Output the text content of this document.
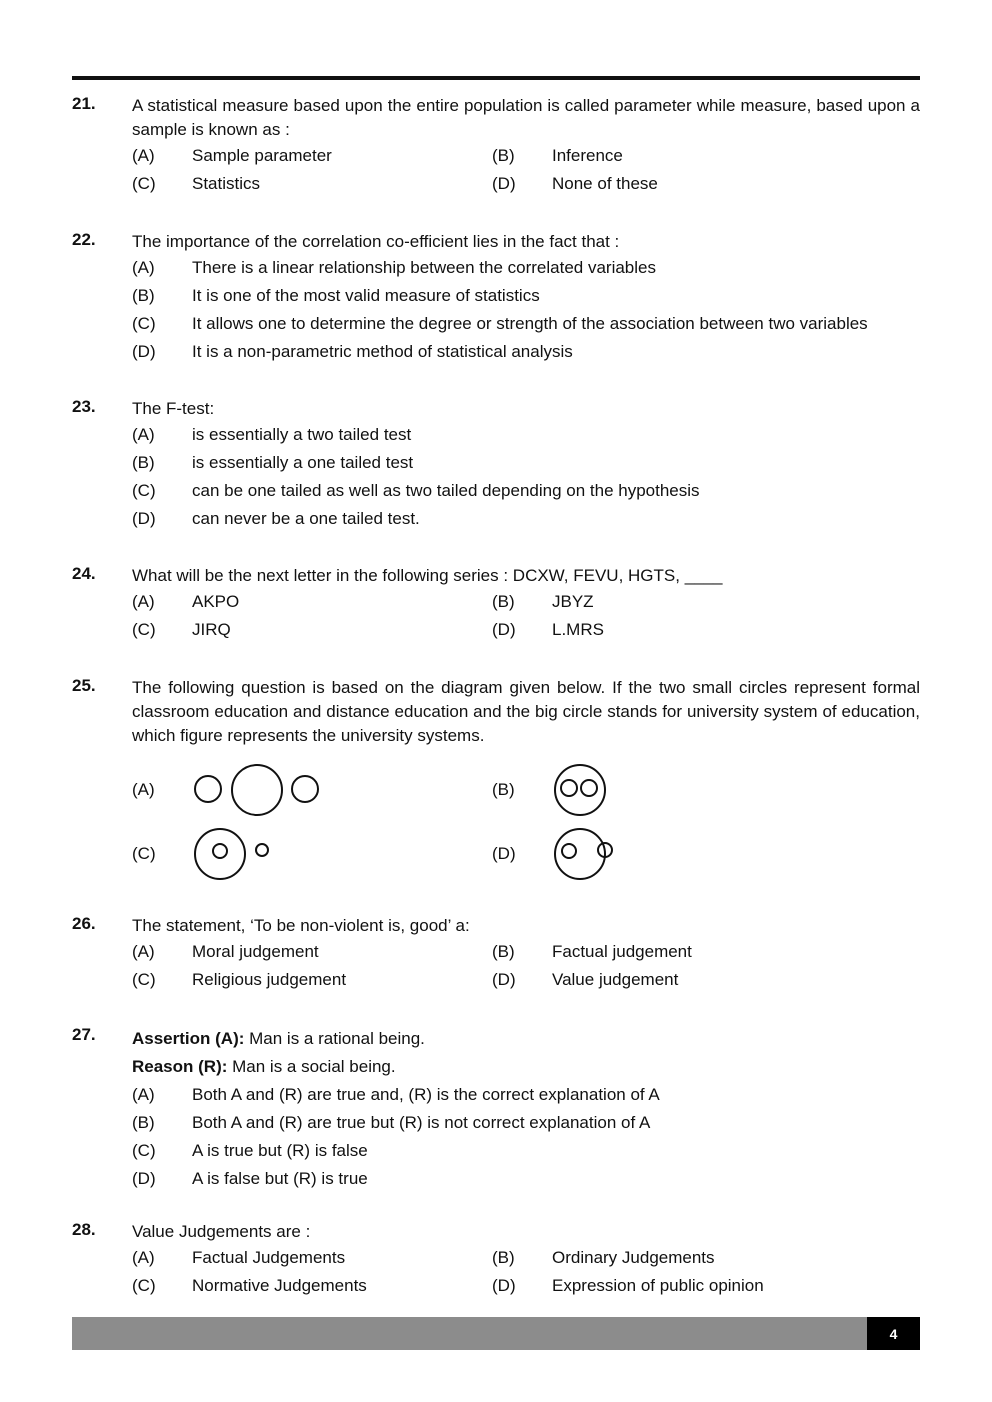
21. A statistical measure based upon the entire population is called parameter while measure, based upon a sample is known as :
(A)	Sample parameter	(B)	Inference
(C)	Statistics	(D)	None of these
22. The importance of the correlation co-efficient lies in the fact that :
(A)	There is a linear relationship between the correlated variables
(B)	It is one of the most valid measure of statistics
(C)	It allows one to determine the degree or strength of the association between two variables
(D)	It is a non-parametric method of statistical analysis
23. The F-test:
(A)	is essentially a two tailed test
(B)	is essentially a one tailed test
(C)	can be one tailed as well as two tailed depending on the hypothesis
(D)	can never be a one tailed test.
24. What will be the next letter in the following series : DCXW, FEVU, HGTS, ____
(A)	AKPO	(B)	JBYZ
(C)	JIRQ	(D)	L.MRS
25. The following question is based on the diagram given below. If the two small circles represent formal classroom education and distance education and the big circle stands for university system of education, which figure represents the university systems.
(A)	(B)
(C)	(D)
26. The statement, ‘To be non-violent is, good’ a:
(A)	Moral judgement	(B)	Factual judgement
(C)	Religious judgement	(D)	Value judgement
27. Assertion (A): Man is a rational being.
Reason (R): Man is a social being.
(A)	Both A and (R) are true and, (R) is the correct explanation of A
(B)	Both A and (R) are true but (R) is not correct explanation of A
(C)	A is true but (R) is false
(D)	A is false but (R) is true
28. Value Judgements are :
(A)	Factual Judgements	(B)	Ordinary Judgements
(C)	Normative Judgements	(D)	Expression of public opinion
4
